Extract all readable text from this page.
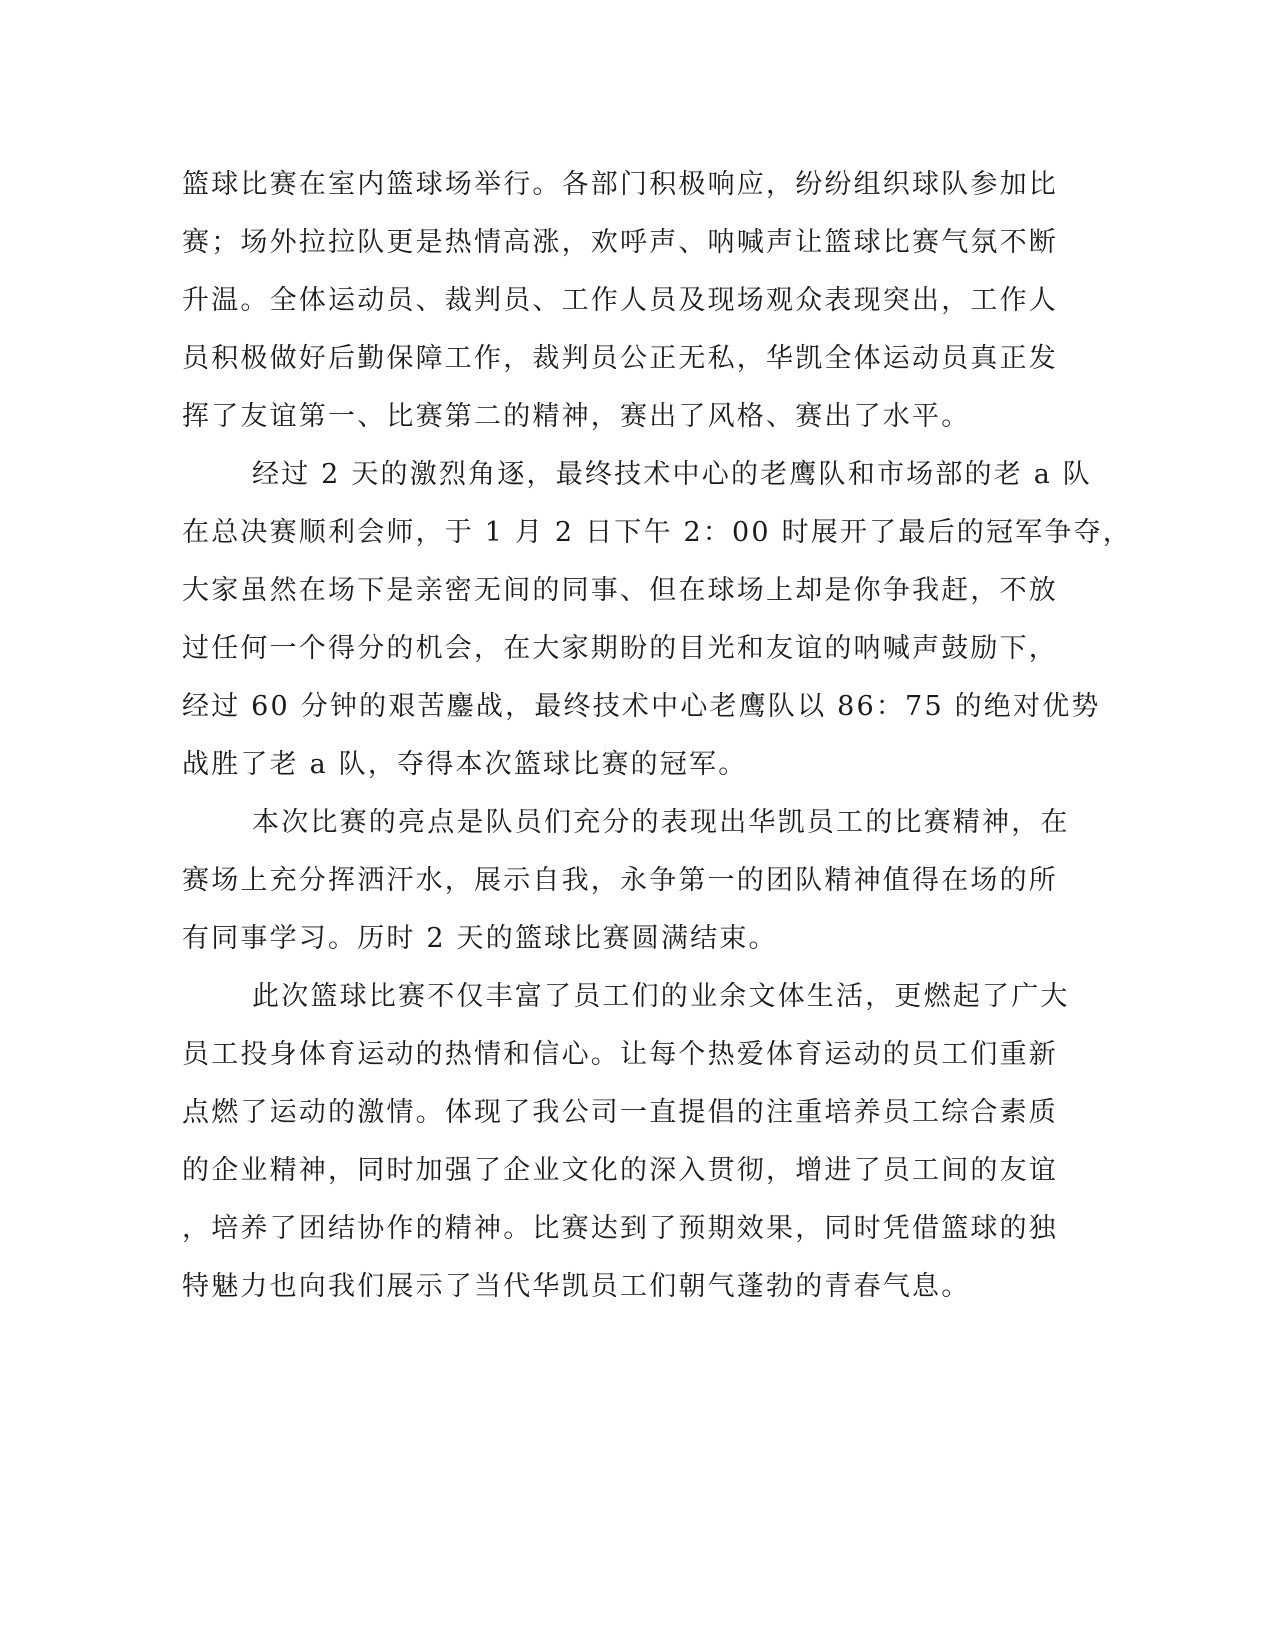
篮球比赛在室内篮球场举行。各部门积极响应，纷纷组织球队参加比
赛；场外拉拉队更是热情高涨，欢呼声、呐喊声让篮球比赛气氛不断
升温。全体运动员、裁判员、工作人员及现场观众表现突出，工作人
员积极做好后勤保障工作，裁判员公正无私，华凯全体运动员真正发
挥了友谊第一、比赛第二的精神，赛出了风格、赛出了水平。
经过 2 天的激烈角逐，最终技术中心的老鹰队和市场部的老 a 队
在总决赛顺利会师，于 1 月 2 日下午 2：00 时展开了最后的冠军争夺，
大家虽然在场下是亲密无间的同事、但在球场上却是你争我赶，不放
过任何一个得分的机会，在大家期盼的目光和友谊的呐喊声鼓励下，
经过 60 分钟的艰苦鏖战，最终技术中心老鹰队以 86：75 的绝对优势
战胜了老 a 队，夺得本次篮球比赛的冠军。
本次比赛的亮点是队员们充分的表现出华凯员工的比赛精神，在
赛场上充分挥洒汗水，展示自我，永争第一的团队精神值得在场的所
有同事学习。历时 2 天的篮球比赛圆满结束。
此次篮球比赛不仅丰富了员工们的业余文体生活，更燃起了广大
员工投身体育运动的热情和信心。让每个热爱体育运动的员工们重新
点燃了运动的激情。体现了我公司一直提倡的注重培养员工综合素质
的企业精神，同时加强了企业文化的深入贯彻，增进了员工间的友谊
，培养了团结协作的精神。比赛达到了预期效果，同时凭借篮球的独
特魅力也向我们展示了当代华凯员工们朝气蓬勃的青春气息。
